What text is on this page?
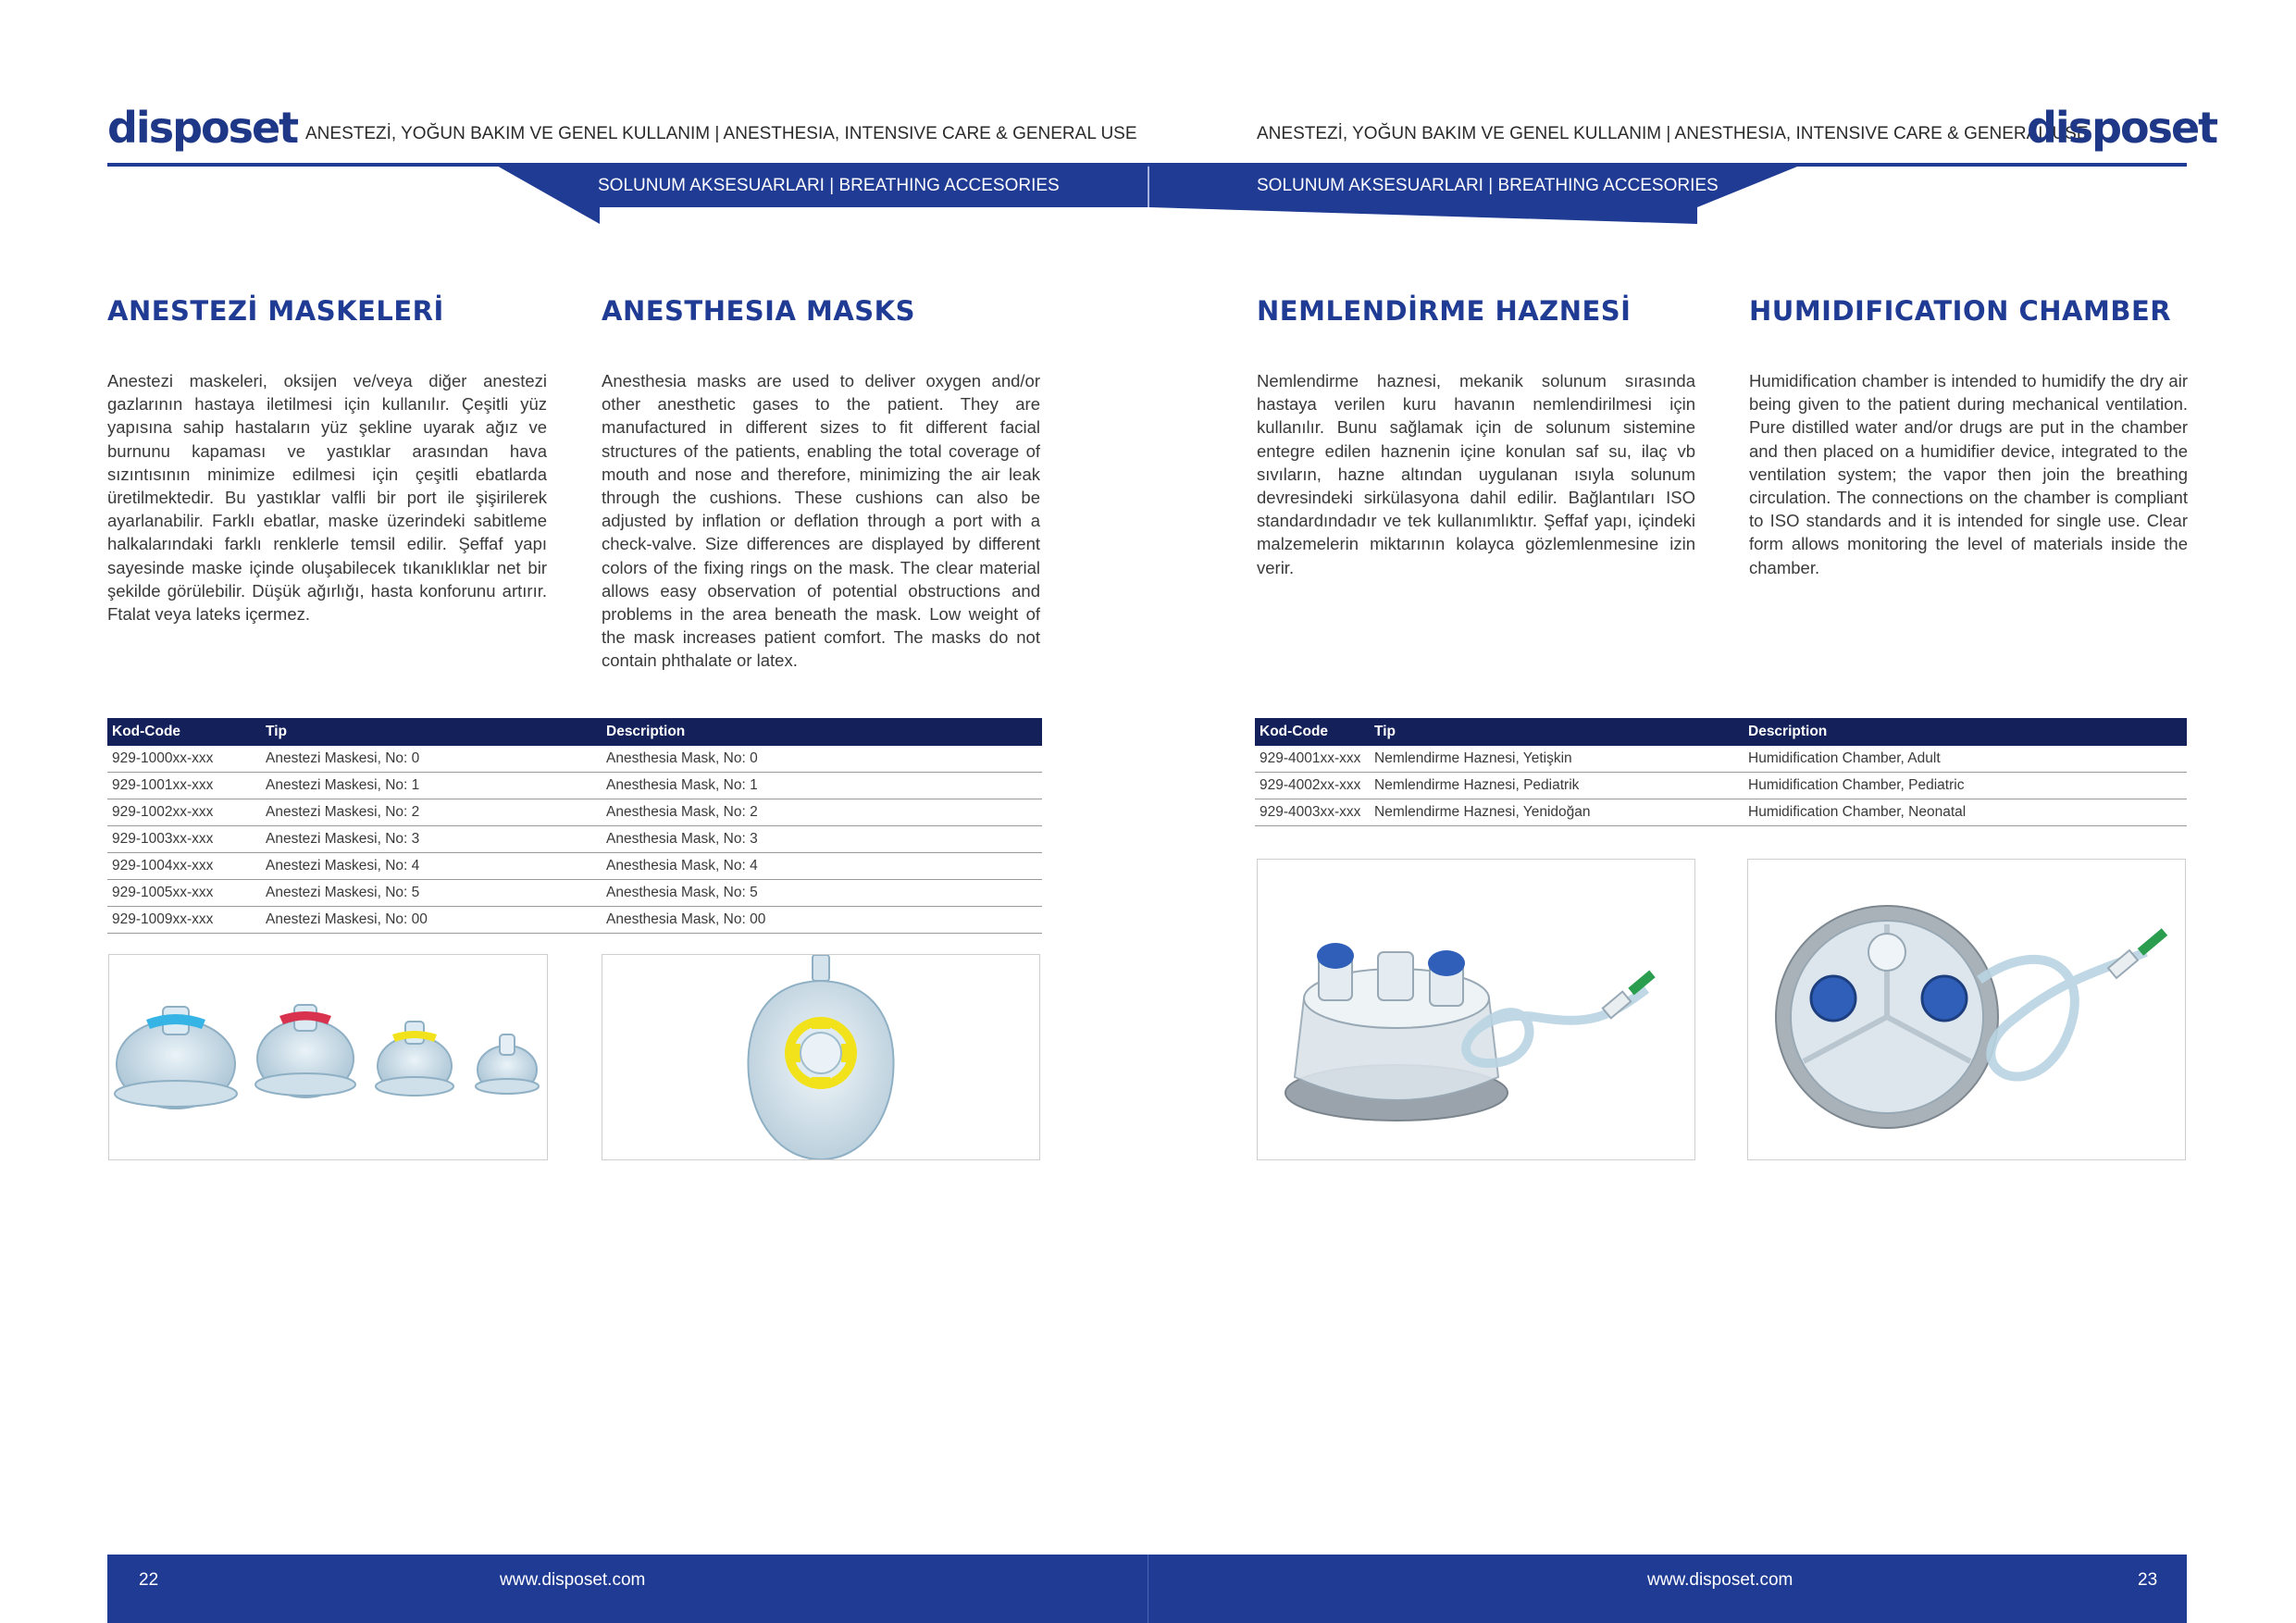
disposet ANESTEZİ, YOĞUN BAKIM VE GENEL KULLANIM | ANESTHESIA, INTENSIVE CARE & GENERAL USE	ANESTEZİ, YOĞUN BAKIM VE GENEL KULLANIM | ANESTHESIA, INTENSIVE CARE & GENERAL USE
disposet
SOLUNUM AKSESUARLARI | BREATHING ACCESORIES	SOLUNUM AKSESUARLARI | BREATHING ACCESORIES
ANESTEZİ MASKELERİ	ANESTHESIA MASKS
Anestezi maskeleri, oksijen ve/veya diğer anestezi gazlarının hastaya iletilmesi için kullanılır. Çeşitli yüz yapısına sahip hastaların yüz şekline uyarak ağız ve burnunu kapaması ve yastıklar arasından hava sızıntısının minimize edilmesi için çeşitli ebatlarda üretilmektedir. Bu yastıklar valfli bir port ile şişirilerek ayarlanabilir. Farklı ebatlar, maske üzerindeki sabitleme halkalarındaki farklı renklerle temsil edilir. Şeffaf yapı sayesinde maske içinde oluşabilecek tıkanıklıklar net bir şekilde görülebilir. Düşük ağırlığı, hasta konforunu artırır. Ftalat veya lateks içermez.
Anesthesia masks are used to deliver oxygen and/or other anesthetic gases to the patient. They are manufactured in different sizes to fit different facial structures of the patients, enabling the total coverage of mouth and nose and therefore, minimizing the air leak through the cushions. These cushions can also be adjusted by inflation or deflation through a port with a check-valve. Size differences are displayed by different colors of the fixing rings on the mask. The clear material allows easy observation of potential obstructions and problems in the area beneath the mask. Low weight of the mask increases patient comfort. The masks do not contain phthalate or latex.
NEMLENDİRME HAZNESİ	HUMIDIFICATION CHAMBER
Nemlendirme haznesi, mekanik solunum sırasında hastaya verilen kuru havanın nemlendirilmesi için kullanılır. Bunu sağlamak için de solunum sistemine entegre edilen haznenin içine konulan saf su, ilaç vb sıvıların, hazne altından uygulanan ısıyla solunum devresindeki sirkülasyona dahil edilir. Bağlantıları ISO standardındadır ve tek kullanımlıktır. Şeffaf yapı, içindeki malzemelerin miktarının kolayca gözlemlenmesine izin verir.
Humidification chamber is intended to humidify the dry air being given to the patient during mechanical ventilation. Pure distilled water and/or drugs are put in the chamber and then placed on a humidifier device, integrated to the ventilation system; the vapor then join the breathing circulation. The connections on the chamber is compliant to ISO standards and it is intended for single use. Clear form allows monitoring the level of materials inside the chamber.
Kod-Code	Tip	Description
929-1000xx-xxx	Anestezi Maskesi, No: 0	Anesthesia Mask, No: 0
929-1001xx-xxx	Anestezi Maskesi, No: 1	Anesthesia Mask, No: 1
929-1002xx-xxx	Anestezi Maskesi, No: 2	Anesthesia Mask, No: 2
929-1003xx-xxx	Anestezi Maskesi, No: 3	Anesthesia Mask, No: 3
929-1004xx-xxx	Anestezi Maskesi, No: 4	Anesthesia Mask, No: 4
929-1005xx-xxx	Anestezi Maskesi, No: 5	Anesthesia Mask, No: 5
929-1009xx-xxx	Anestezi Maskesi, No: 00	Anesthesia Mask, No: 00
Kod-Code	Tip	Description
929-4001xx-xxx	Nemlendirme Haznesi, Yetişkin	Humidification Chamber, Adult
929-4002xx-xxx	Nemlendirme Haznesi, Pediatrik	Humidification Chamber, Pediatric
929-4003xx-xxx	Nemlendirme Haznesi, Yenidoğan	Humidification Chamber, Neonatal
22	www.disposet.com	www.disposet.com	23
